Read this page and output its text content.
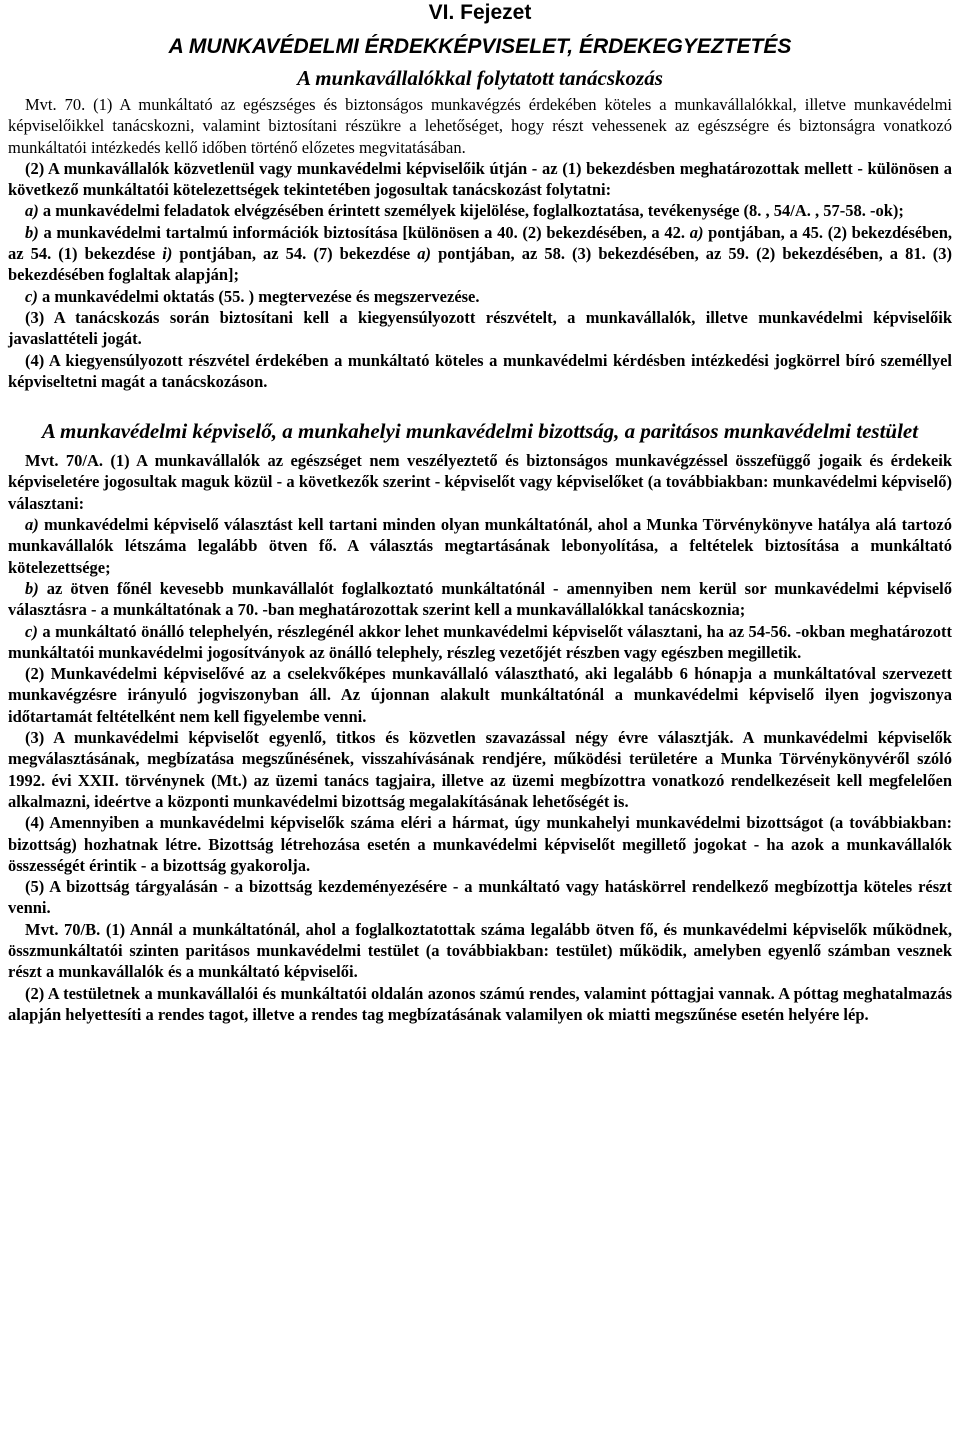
VI. Fejezet
A MUNKAVÉDELMI ÉRDEKKÉPVISELET, ÉRDEKEGYEZTETÉS
A munkavállalókkal folytatott tanácskozás

Mvt. 70. (1) A munkáltató az egészséges és biztonságos munkavégzés érdekében köteles a munkavállalókkal, illetve munkavédelmi képviselőikkel tanácskozni, valamint biztosítani részükre a lehetőséget, hogy részt vehessenek az egészségre és biztonságra vonatkozó munkáltatói intézkedés kellő időben történő előzetes megvitatásában.

(2) A munkavállalók közvetlenül vagy munkavédelmi képviselőik útján - az (1) bekezdésben meghatározottak mellett - különösen a következő munkáltatói kötelezettségek tekintetében jogosultak tanácskozást folytatni:

a) a munkavédelmi feladatok elvégzésében érintett személyek kijelölése, foglalkoztatása, tevékenysége (8. , 54/A. , 57-58. -ok);

b) a munkavédelmi tartalmú információk biztosítása [különösen a 40. (2) bekezdésében, a 42. a) pontjában, a 45. (2) bekezdésében, az 54. (1) bekezdése i) pontjában, az 54. (7) bekezdése a) pontjában, az 58. (3) bekezdésében, az 59. (2) bekezdésében, a 81. (3) bekezdésében foglaltak alapján];

c) a munkavédelmi oktatás (55. ) megtervezése és megszervezése.

(3) A tanácskozás során biztosítani kell a kiegyensúlyozott részvételt, a munkavállalók, illetve munkavédelmi képviselőik javaslattételi jogát.

(4) A kiegyensúlyozott részvétel érdekében a munkáltató köteles a munkavédelmi kérdésben intézkedési jogkörrel bíró személlyel képviseltetni magát a tanácskozáson.

A munkavédelmi képviselő, a munkahelyi munkavédelmi bizottság, a paritásos munkavédelmi testület

Mvt. 70/A. (1) A munkavállalók az egészséget nem veszélyeztető és biztonságos munkavégzéssel összefüggő jogaik és érdekeik képviseletére jogosultak maguk közül - a következők szerint - képviselőt vagy képviselőket (a továbbiakban: munkavédelmi képviselő) választani:

a) munkavédelmi képviselő választást kell tartani minden olyan munkáltatónál, ahol a Munka Törvénykönyve hatálya alá tartozó munkavállalók létszáma legalább ötven fő. A választás megtartásának lebonyolítása, a feltételek biztosítása a munkáltató kötelezettsége;

b) az ötven főnél kevesebb munkavállalót foglalkoztató munkáltatónál - amennyiben nem kerül sor munkavédelmi képviselő választásra - a munkáltatónak a 70. -ban meghatározottak szerint kell a munkavállalókkal tanácskoznia;

c) a munkáltató önálló telephelyén, részlegénél akkor lehet munkavédelmi képviselőt választani, ha az 54-56. -okban meghatározott munkáltatói munkavédelmi jogosítványok az önálló telephely, részleg vezetőjét részben vagy egészben megilletik.

(2) Munkavédelmi képviselővé az a cselekvőképes munkavállaló választható, aki legalább 6 hónapja a munkáltatóval szervezett munkavégzésre irányuló jogviszonyban áll. Az újonnan alakult munkáltatónál a munkavédelmi képviselő ilyen jogviszonya időtartamát feltételként nem kell figyelembe venni.

(3) A munkavédelmi képviselőt egyenlő, titkos és közvetlen szavazással négy évre választják. A munkavédelmi képviselők megválasztásának, megbízatása megszűnésének, visszahívásának rendjére, működési területére a Munka Törvénykönyvéről szóló 1992. évi XXII. törvénynek (Mt.) az üzemi tanács tagjaira, illetve az üzemi megbízottra vonatkozó rendelkezéseit kell megfelelően alkalmazni, ideértve a központi munkavédelmi bizottság megalakításának lehetőségét is.

(4) Amennyiben a munkavédelmi képviselők száma eléri a hármat, úgy munkahelyi munkavédelmi bizottságot (a továbbiakban: bizottság) hozhatnak létre. Bizottság létrehozása esetén a munkavédelmi képviselőt megillető jogokat - ha azok a munkavállalók összességét érintik - a bizottság gyakorolja.

(5) A bizottság tárgyalásán - a bizottság kezdeményezésére - a munkáltató vagy hatáskörrel rendelkező megbízottja köteles részt venni.

Mvt. 70/B. (1) Annál a munkáltatónál, ahol a foglalkoztatottak száma legalább ötven fő, és munkavédelmi képviselők működnek, összmunkáltatói szinten paritásos munkavédelmi testület (a továbbiakban: testület) működik, amelyben egyenlő számban vesznek részt a munkavállalók és a munkáltató képviselői.

(2) A testületnek a munkavállalói és munkáltatói oldalán azonos számú rendes, valamint póttagjai vannak. A póttag meghatalmazás alapján helyettesíti a rendes tagot, illetve a rendes tag megbízatásának valamilyen ok miatti megszűnése esetén helyére lép.
